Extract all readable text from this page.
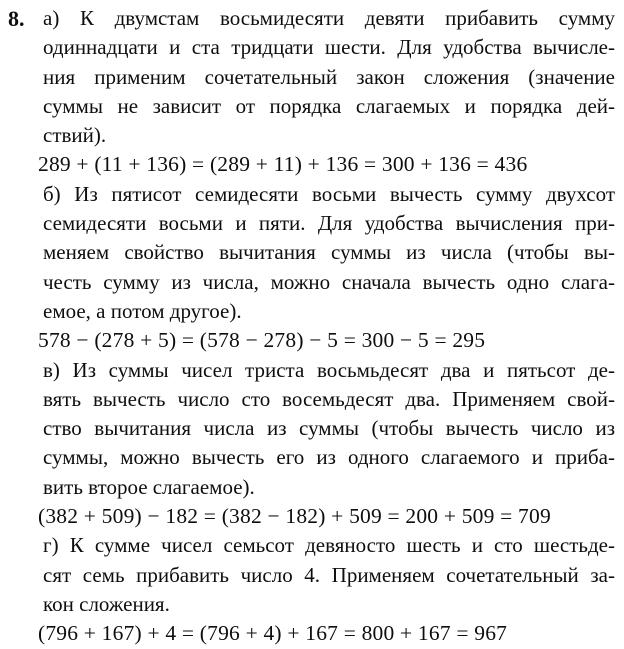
8. а) К двумстам восьмидесяти девяти прибавить сумму
одиннадцати и ста тридцати шести. Для удобства вычисле-
ния применим сочетательный закон сложения (значение
суммы не зависит от порядка слагаемых и порядка дей-
ствий).
289 + (11 + 136) = (289 + 11) + 136 = 300 + 136 = 436
б) Из пятисот семидесяти восьми вычесть сумму двухсот
семидесяти восьми и пяти. Для удобства вычисления при-
меняем свойство вычитания суммы из числа (чтобы вы-
честь сумму из числа, можно сначала вычесть одно слага-
емое, а потом другое).
578 − (278 + 5) = (578 − 278) − 5 = 300 − 5 = 295
в) Из суммы чисел триста восьмьдесят два и пятьсот де-
вять вычесть число сто восемьдесят два. Применяем свой-
ство вычитания числа из суммы (чтобы вычесть число из
суммы, можно вычесть его из одного слагаемого и приба-
вить второе слагаемое).
(382 + 509) − 182 = (382 − 182) + 509 = 200 + 509 = 709
г) К сумме чисел семьсот девяносто шесть и сто шестьде-
сят семь прибавить число 4. Применяем сочетательный за-
кон сложения.
(796 + 167) + 4 = (796 + 4) + 167 = 800 + 167 = 967
